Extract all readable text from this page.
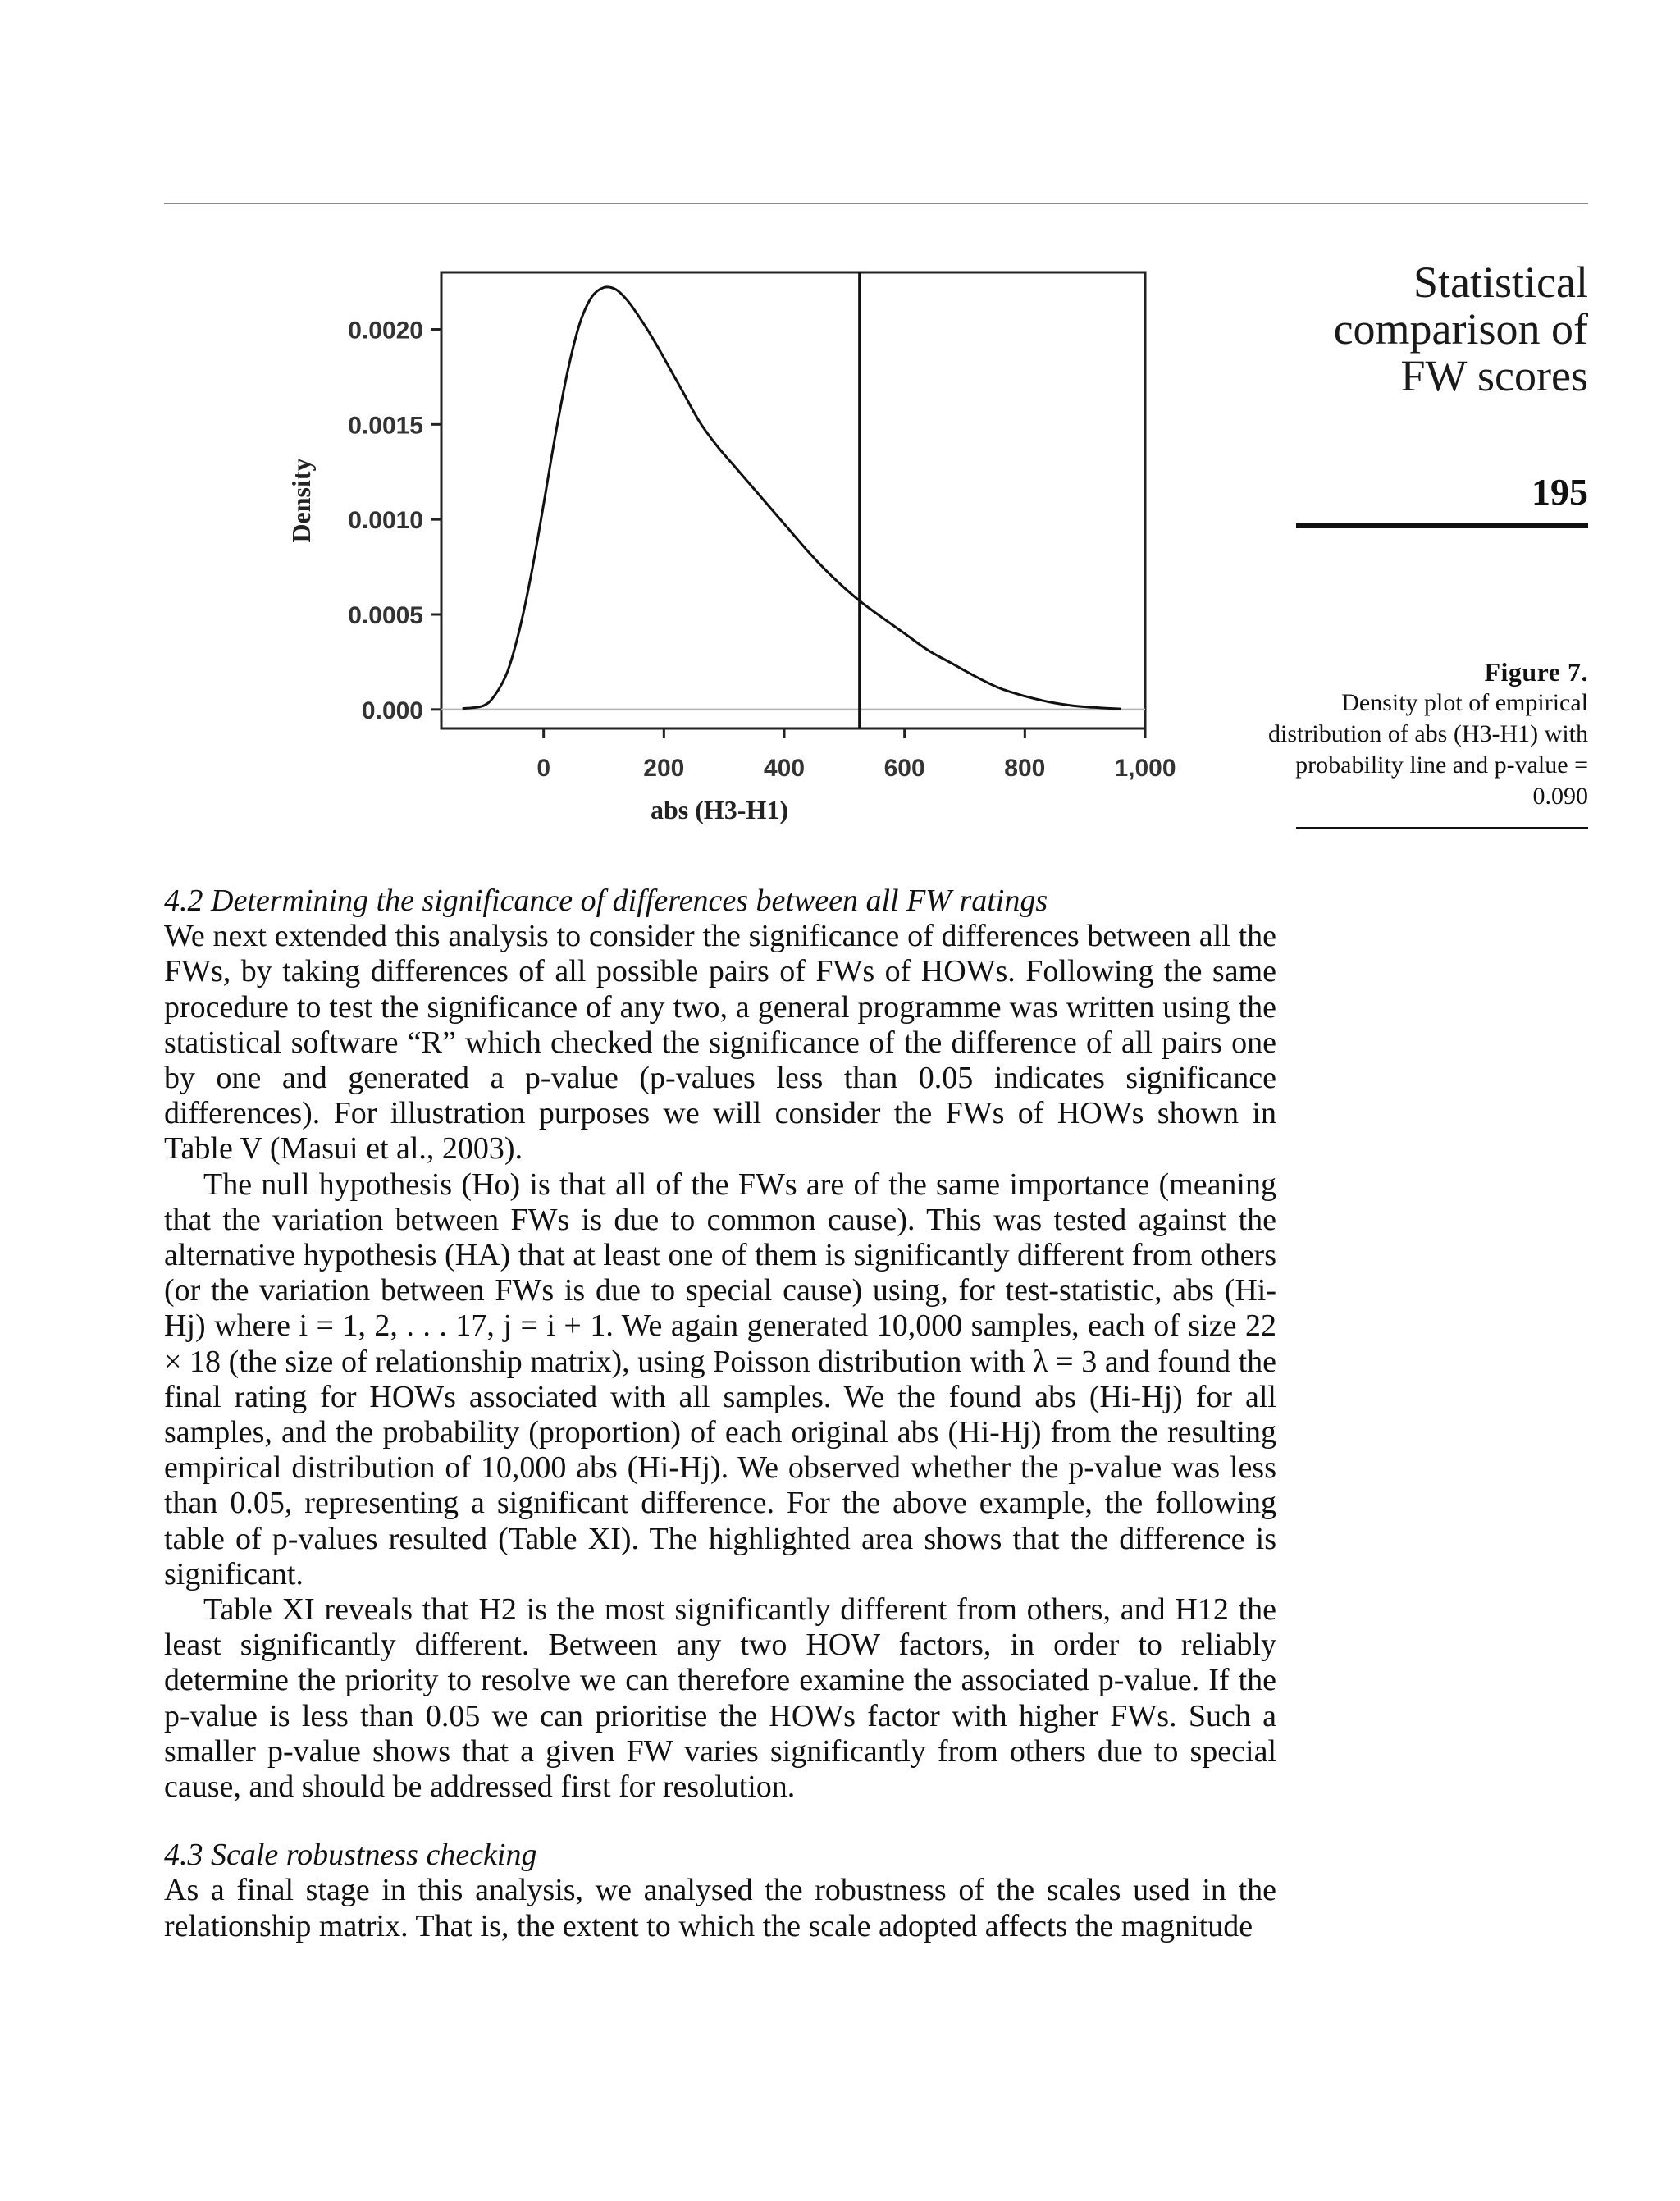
Statistical
comparison of
FW scores
195
0.000
0.0005
0.0010
0.0015
0.0020
0	200	400	600	800	1,000
abs (H3-H1)
Density
Figure 7.
Density plot of empirical distribution of abs (H3-H1) with probability line and p-value = 0.090
4.2 Determining the significance of differences between all FW ratings

We next extended this analysis to consider the significance of differences between all the FWs, by taking differences of all possible pairs of FWs of HOWs. Following the same procedure to test the significance of any two, a general programme was written using the statistical software “R” which checked the significance of the difference of all pairs one by one and generated a p-value (p-values less than 0.05 indicates significance differences). For illustration purposes we will consider the FWs of HOWs shown in Table V (Masui et al., 2003).

The null hypothesis (Ho) is that all of the FWs are of the same importance (meaning that the variation between FWs is due to common cause). This was tested against the alternative hypothesis (HA) that at least one of them is significantly different from others (or the variation between FWs is due to special cause) using, for test-statistic, abs (Hi-Hj) where i = 1, 2, . . . 17, j = i + 1. We again generated 10,000 samples, each of size 22 × 18 (the size of relationship matrix), using Poisson distribution with λ = 3 and found the final rating for HOWs associated with all samples. We the found abs (Hi-Hj) for all samples, and the probability (proportion) of each original abs (Hi-Hj) from the resulting empirical distribution of 10,000 abs (Hi-Hj). We observed whether the p-value was less than 0.05, representing a significant difference. For the above example, the following table of p-values resulted (Table XI). The highlighted area shows that the difference is significant.

Table XI reveals that H2 is the most significantly different from others, and H12 the least significantly different. Between any two HOW factors, in order to reliably determine the priority to resolve we can therefore examine the associated p-value. If the p-value is less than 0.05 we can prioritise the HOWs factor with higher FWs. Such a smaller p-value shows that a given FW varies significantly from others due to special cause, and should be addressed first for resolution.

4.3 Scale robustness checking

As a final stage in this analysis, we analysed the robustness of the scales used in the relationship matrix. That is, the extent to which the scale adopted affects the magnitude
